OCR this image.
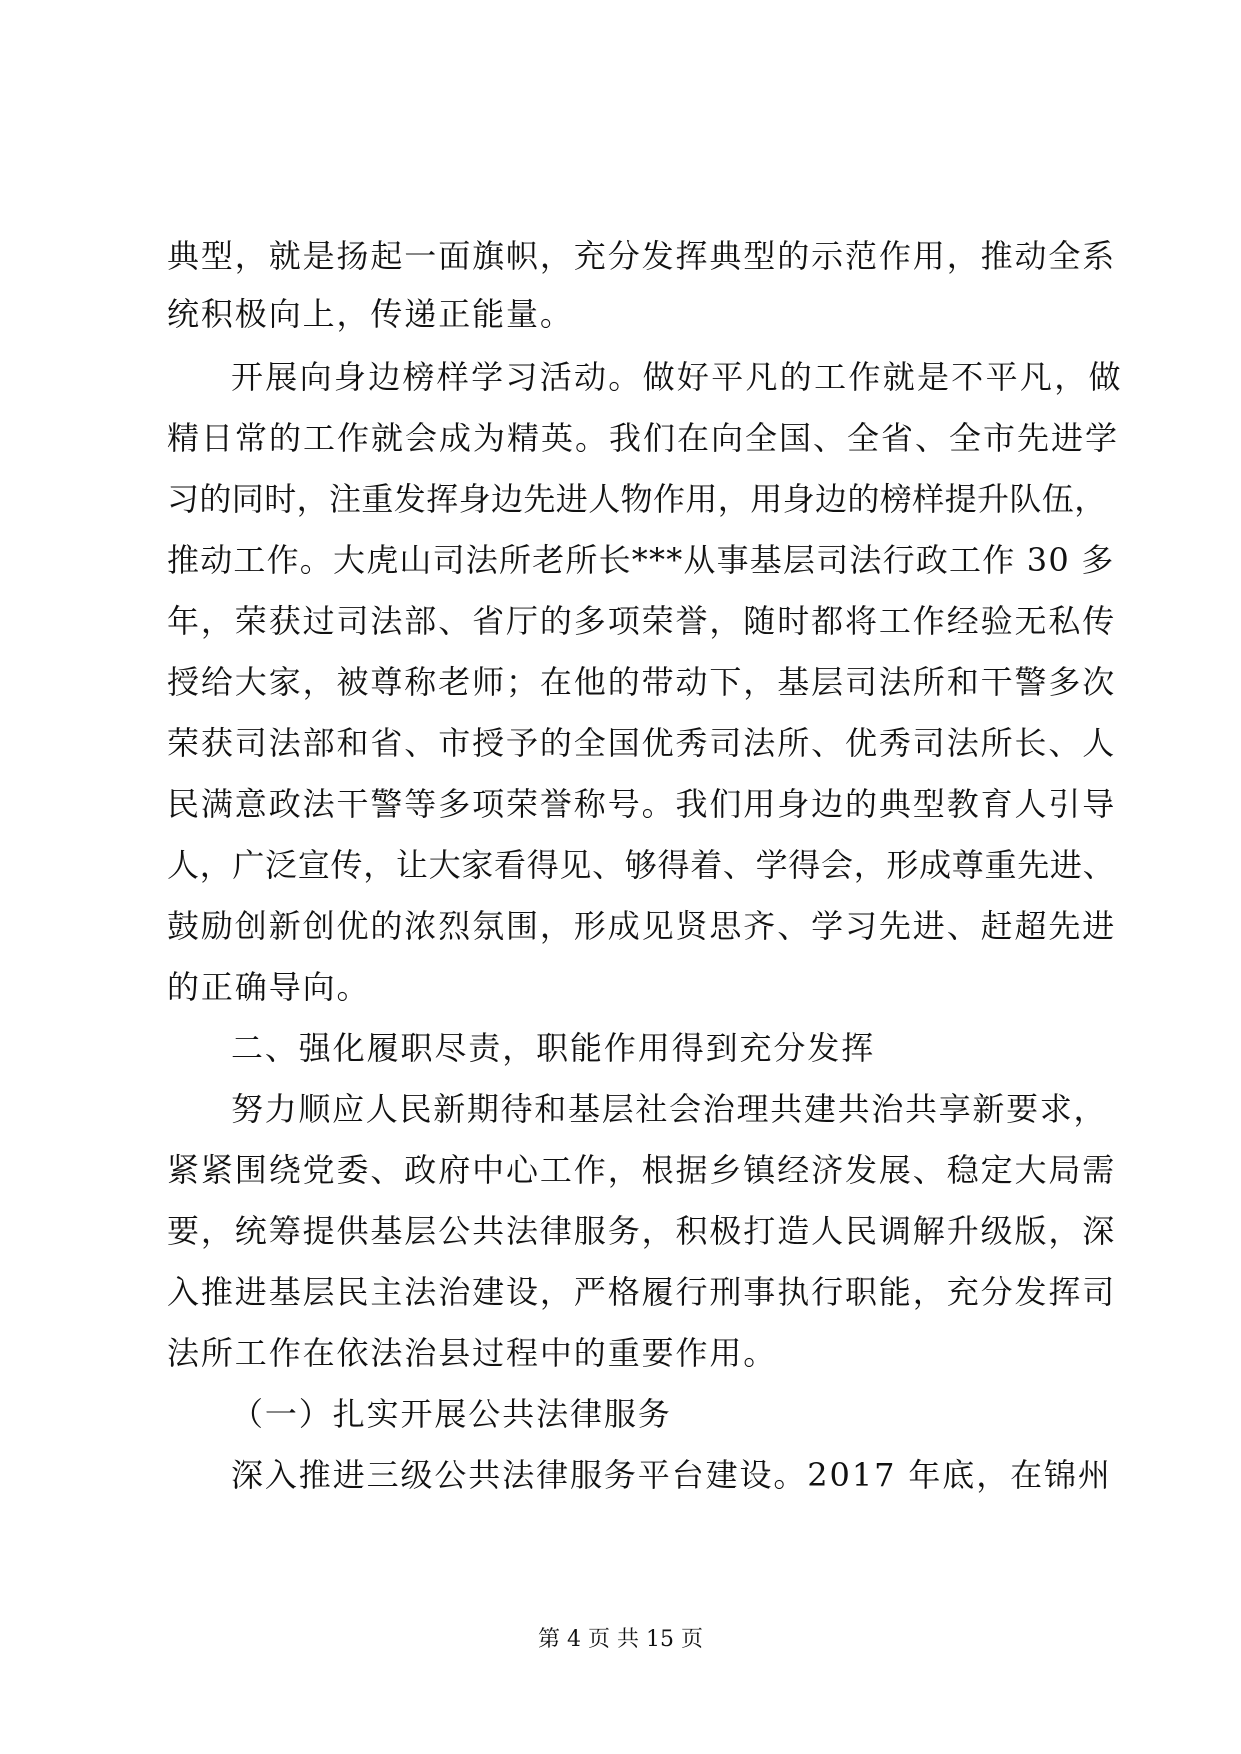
典型，就是扬起一面旗帜，充分发挥典型的示范作用，推动全系
统积极向上，传递正能量。
开展向身边榜样学习活动。做好平凡的工作就是不平凡，做
精日常的工作就会成为精英。我们在向全国、全省、全市先进学
习的同时，注重发挥身边先进人物作用，用身边的榜样提升队伍，
推动工作。大虎山司法所老所长***从事基层司法行政工作 30 多
年，荣获过司法部、省厅的多项荣誉，随时都将工作经验无私传
授给大家，被尊称老师；在他的带动下，基层司法所和干警多次
荣获司法部和省、市授予的全国优秀司法所、优秀司法所长、人
民满意政法干警等多项荣誉称号。我们用身边的典型教育人引导
人，广泛宣传，让大家看得见、够得着、学得会，形成尊重先进、
鼓励创新创优的浓烈氛围，形成见贤思齐、学习先进、赶超先进
的正确导向。
二、强化履职尽责，职能作用得到充分发挥
努力顺应人民新期待和基层社会治理共建共治共享新要求，
紧紧围绕党委、政府中心工作，根据乡镇经济发展、稳定大局需
要，统筹提供基层公共法律服务，积极打造人民调解升级版，深
入推进基层民主法治建设，严格履行刑事执行职能，充分发挥司
法所工作在依法治县过程中的重要作用。
（一）扎实开展公共法律服务
深入推进三级公共法律服务平台建设。2017 年底，在锦州
第 4 页 共 15 页
